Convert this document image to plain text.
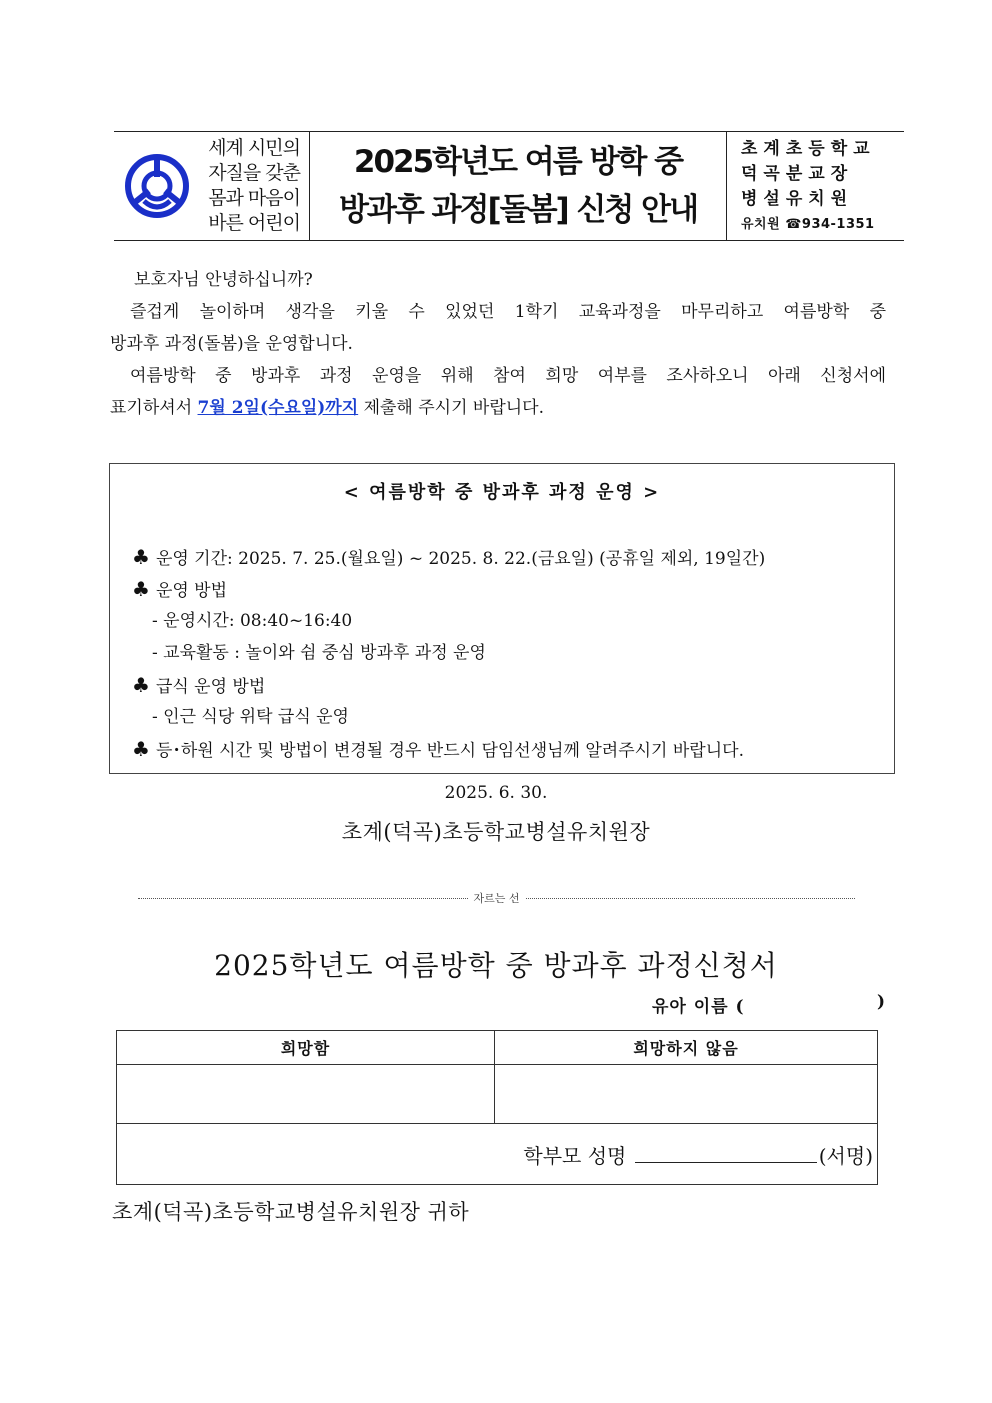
세계 시민의
자질을 갖춘
몸과 마음이
바른 어린이
2025학년도 여름 방학 중
방과후 과정[돌봄] 신청 안내
초계초등학교
덕곡분교장
병설유치원
유치원 ☎934-1351
보호자님 안녕하십니까?
즐겁게 놀이하며 생각을 키울 수 있었던 1학기 교육과정을 마무리하고 여름방학 중
방과후 과정(돌봄)을 운영합니다.
여름방학 중 방과후 과정 운영을 위해 참여 희망 여부를 조사하오니 아래 신청서에
표기하셔서 7월 2일(수요일)까지 제출해 주시기 바랍니다.
< 여름방학 중 방과후 과정 운영 >
♣ 운영 기간: 2025. 7. 25.(월요일) ~ 2025. 8. 22.(금요일) (공휴일 제외, 19일간)
♣ 운영 방법
- 운영시간: 08:40~16:40
- 교육활동 : 놀이와 쉼 중심 방과후 과정 운영
♣ 급식 운영 방법
- 인근 식당 위탁 급식 운영
♣ 등･하원 시간 및 방법이 변경될 경우 반드시 담임선생님께 알려주시기 바랍니다.
2025. 6. 30.
초계(덕곡)초등학교병설유치원장
자르는 선
2025학년도 여름방학 중 방과후 과정신청서
유아 이름 (	)
희망함	희망하지 않음

학부모 성명 (서명)	
초계(덕곡)초등학교병설유치원장 귀하
